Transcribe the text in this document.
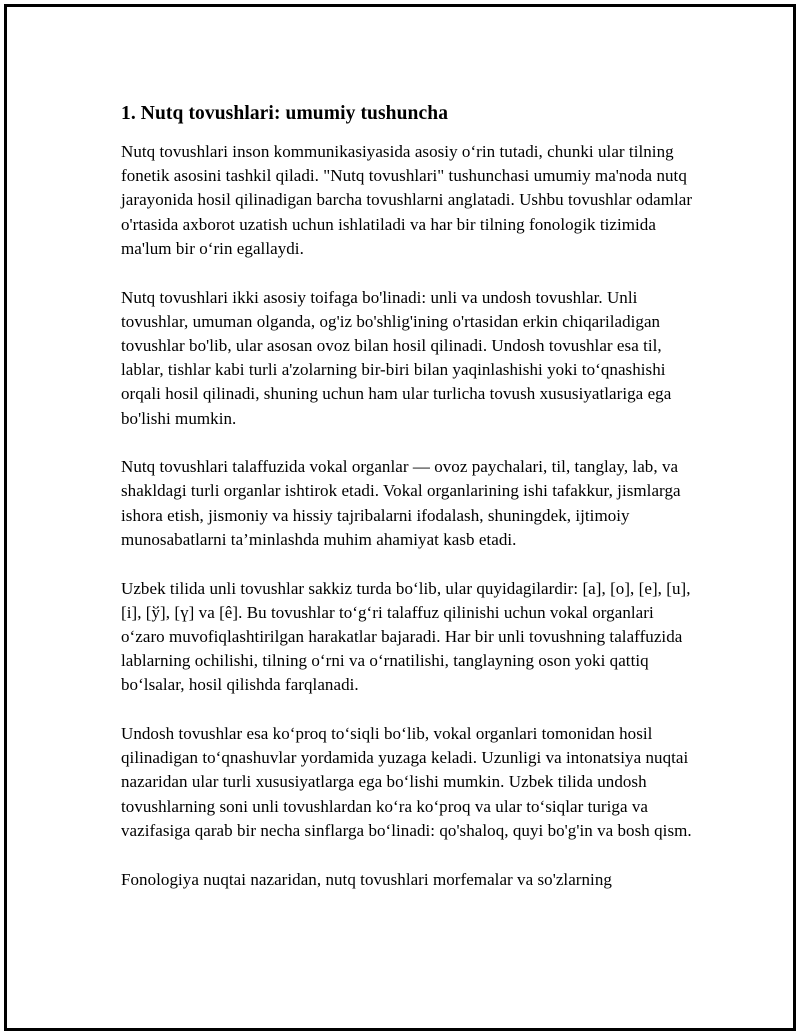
1. Nutq tovushlari: umumiy tushuncha

Nutq tovushlari inson kommunikasiyasida asosiy o‘rin tutadi, chunki ular tilning fonetik asosini tashkil qiladi. "Nutq tovushlari" tushunchasi umumiy ma'noda nutq jarayonida hosil qilinadigan barcha tovushlarni anglatadi. Ushbu tovushlar odamlar o'rtasida axborot uzatish uchun ishlatiladi va har bir tilning fonologik tizimida ma'lum bir o‘rin egallaydi.

Nutq tovushlari ikki asosiy toifaga bo'linadi: unli va undosh tovushlar. Unli tovushlar, umuman olganda, og'iz bo'shlig'ining o'rtasidan erkin chiqariladigan tovushlar bo'lib, ular asosan ovoz bilan hosil qilinadi. Undosh tovushlar esa til, lablar, tishlar kabi turli a'zolarning bir-biri bilan yaqinlashishi yoki to‘qnashishi orqali hosil qilinadi, shuning uchun ham ular turlicha tovush xususiyatlariga ega bo'lishi mumkin.

Nutq tovushlari talaffuzida vokal organlar — ovoz paychalari, til, tanglay, lab, va shakldagi turli organlar ishtirok etadi. Vokal organlarining ishi tafakkur, jismlarga ishora etish, jismoniy va hissiy tajribalarni ifodalash, shuningdek, ijtimoiy munosabatlarni ta’minlashda muhim ahamiyat kasb etadi.

Uzbek tilida unli tovushlar sakkiz turda bo‘lib, ular quyidagilardir: [a], [o], [e], [u], [i], [ў], [ү] va [ê]. Bu tovushlar to‘g‘ri talaffuz qilinishi uchun vokal organlari o‘zaro muvofiqlashtirilgan harakatlar bajaradi. Har bir unli tovushning talaffuzida lablarning ochilishi, tilning o‘rni va o‘rnatilishi, tanglayning oson yoki qattiq bo‘lsalar, hosil qilishda farqlanadi.

Undosh tovushlar esa ko‘proq to‘siqli bo‘lib, vokal organlari tomonidan hosil qilinadigan to‘qnashuvlar yordamida yuzaga keladi. Uzunligi va intonatsiya nuqtai nazaridan ular turli xususiyatlarga ega bo‘lishi mumkin. Uzbek tilida undosh tovushlarning soni unli tovushlardan ko‘ra ko‘proq va ular to‘siqlar turiga va vazifasiga qarab bir necha sinflarga bo‘linadi: qo'shaloq, quyi bo'g'in va bosh qism.

Fonologiya nuqtai nazaridan, nutq tovushlari morfemalar va so'zlarning
